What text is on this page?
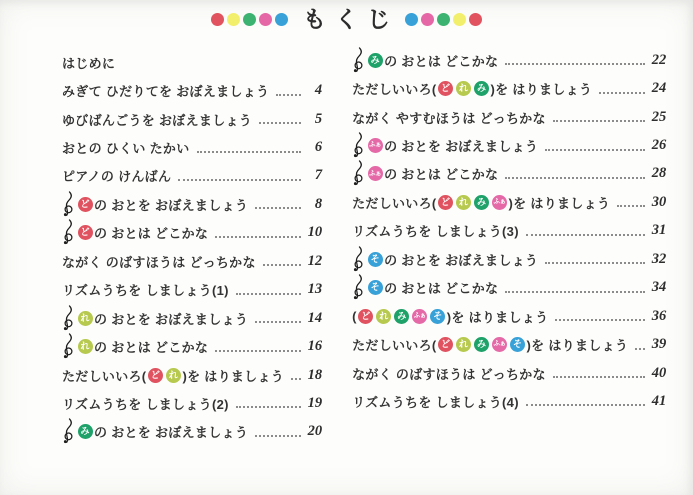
もくじ
はじめに
みぎて ひだりてを おぼえましょう	4
ゆびばんごうを おぼえましょう	5
おとの ひくい たかい	6
ピアノの けんばん	7
ど の おとを おぼえましょう	8
ど の おとは どこかな	10
ながく のばすほうは どっちかな	12
リズムうちを しましょう(1)	13
れ の おとを おぼえましょう	14
れ の おとは どこかな	16
ただしいいろ( ど れ )を はりましょう 18
リズムうちを しましょう(2)	19
み の おとを おぼえましょう	20
み の おとは どこかな	22
ただしいいろ( ど れ み )を はりましょう	24
ながく やすむほうは どっちかな	25
ふぁ の おとを おぼえましょう	26
ふぁ の おとは どこかな	28
ただしいいろ( ど れ み	ふぁ )を はりましょう	30
リズムうちを しましょう(3)	31
そ の おとを おぼえましょう	32
そ の おとは どこかな	34
( ど れ み	ふぁ そ )を はりましょう	36
ただしいいろ( ど れ み	ふぁ そ )を はりましょう 39
ながく のばすほうは どっちかな	40
リズムうちを しましょう(4)	41
